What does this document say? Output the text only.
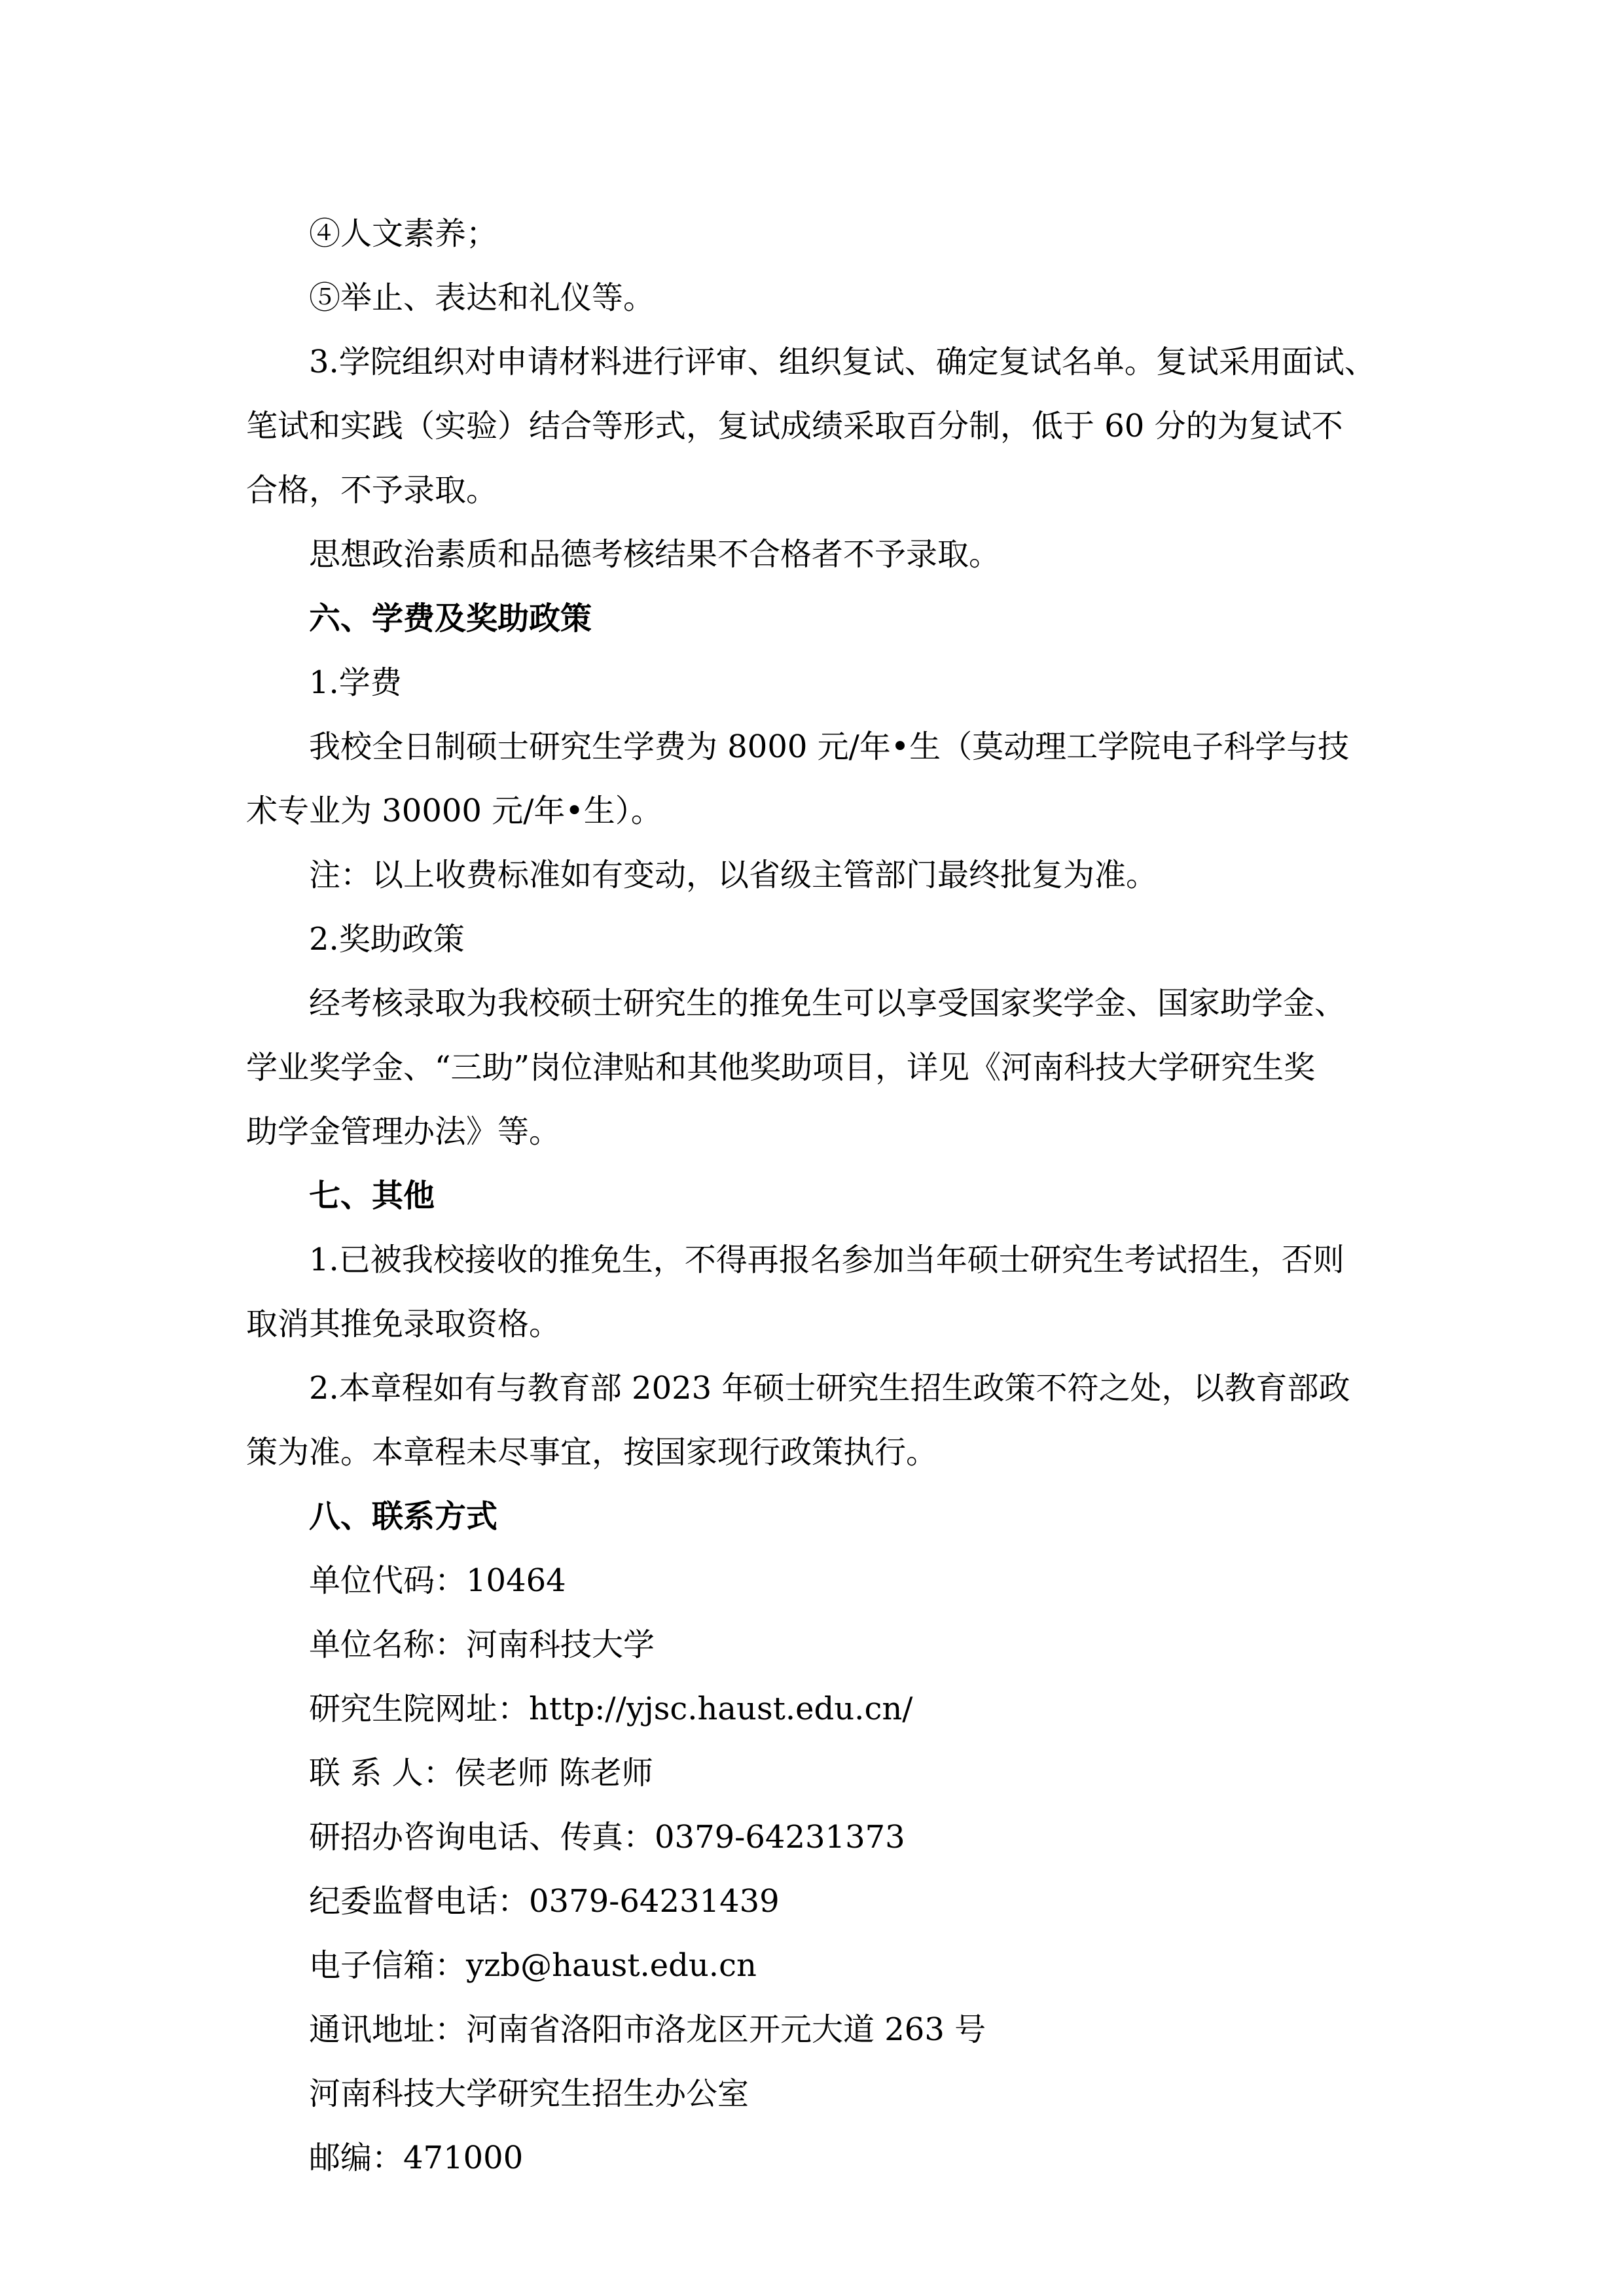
④人文素养；
⑤举止、表达和礼仪等。
3.学院组织对申请材料进行评审、组织复试、确定复试名单。复试采用面试、
笔试和实践（实验）结合等形式，复试成绩采取百分制，低于 60 分的为复试不
合格，不予录取。
思想政治素质和品德考核结果不合格者不予录取。
六、学费及奖助政策
1.学费
我校全日制硕士研究生学费为 8000 元/年•生（莫动理工学院电子科学与技
术专业为 30000 元/年•生）。
注：以上收费标准如有变动，以省级主管部门最终批复为准。
2.奖助政策
经考核录取为我校硕士研究生的推免生可以享受国家奖学金、国家助学金、
学业奖学金、“三助”岗位津贴和其他奖助项目，详见《河南科技大学研究生奖
助学金管理办法》等。
七、其他
1.已被我校接收的推免生，不得再报名参加当年硕士研究生考试招生，否则
取消其推免录取资格。
2.本章程如有与教育部 2023 年硕士研究生招生政策不符之处，以教育部政
策为准。本章程未尽事宜，按国家现行政策执行。
八、联系方式
单位代码：10464
单位名称：河南科技大学
研究生院网址：http://yjsc.haust.edu.cn/
联 系 人：侯老师 陈老师
研招办咨询电话、传真：0379-64231373
纪委监督电话：0379-64231439
电子信箱：yzb@haust.edu.cn
通讯地址：河南省洛阳市洛龙区开元大道 263 号
河南科技大学研究生招生办公室
邮编：471000
